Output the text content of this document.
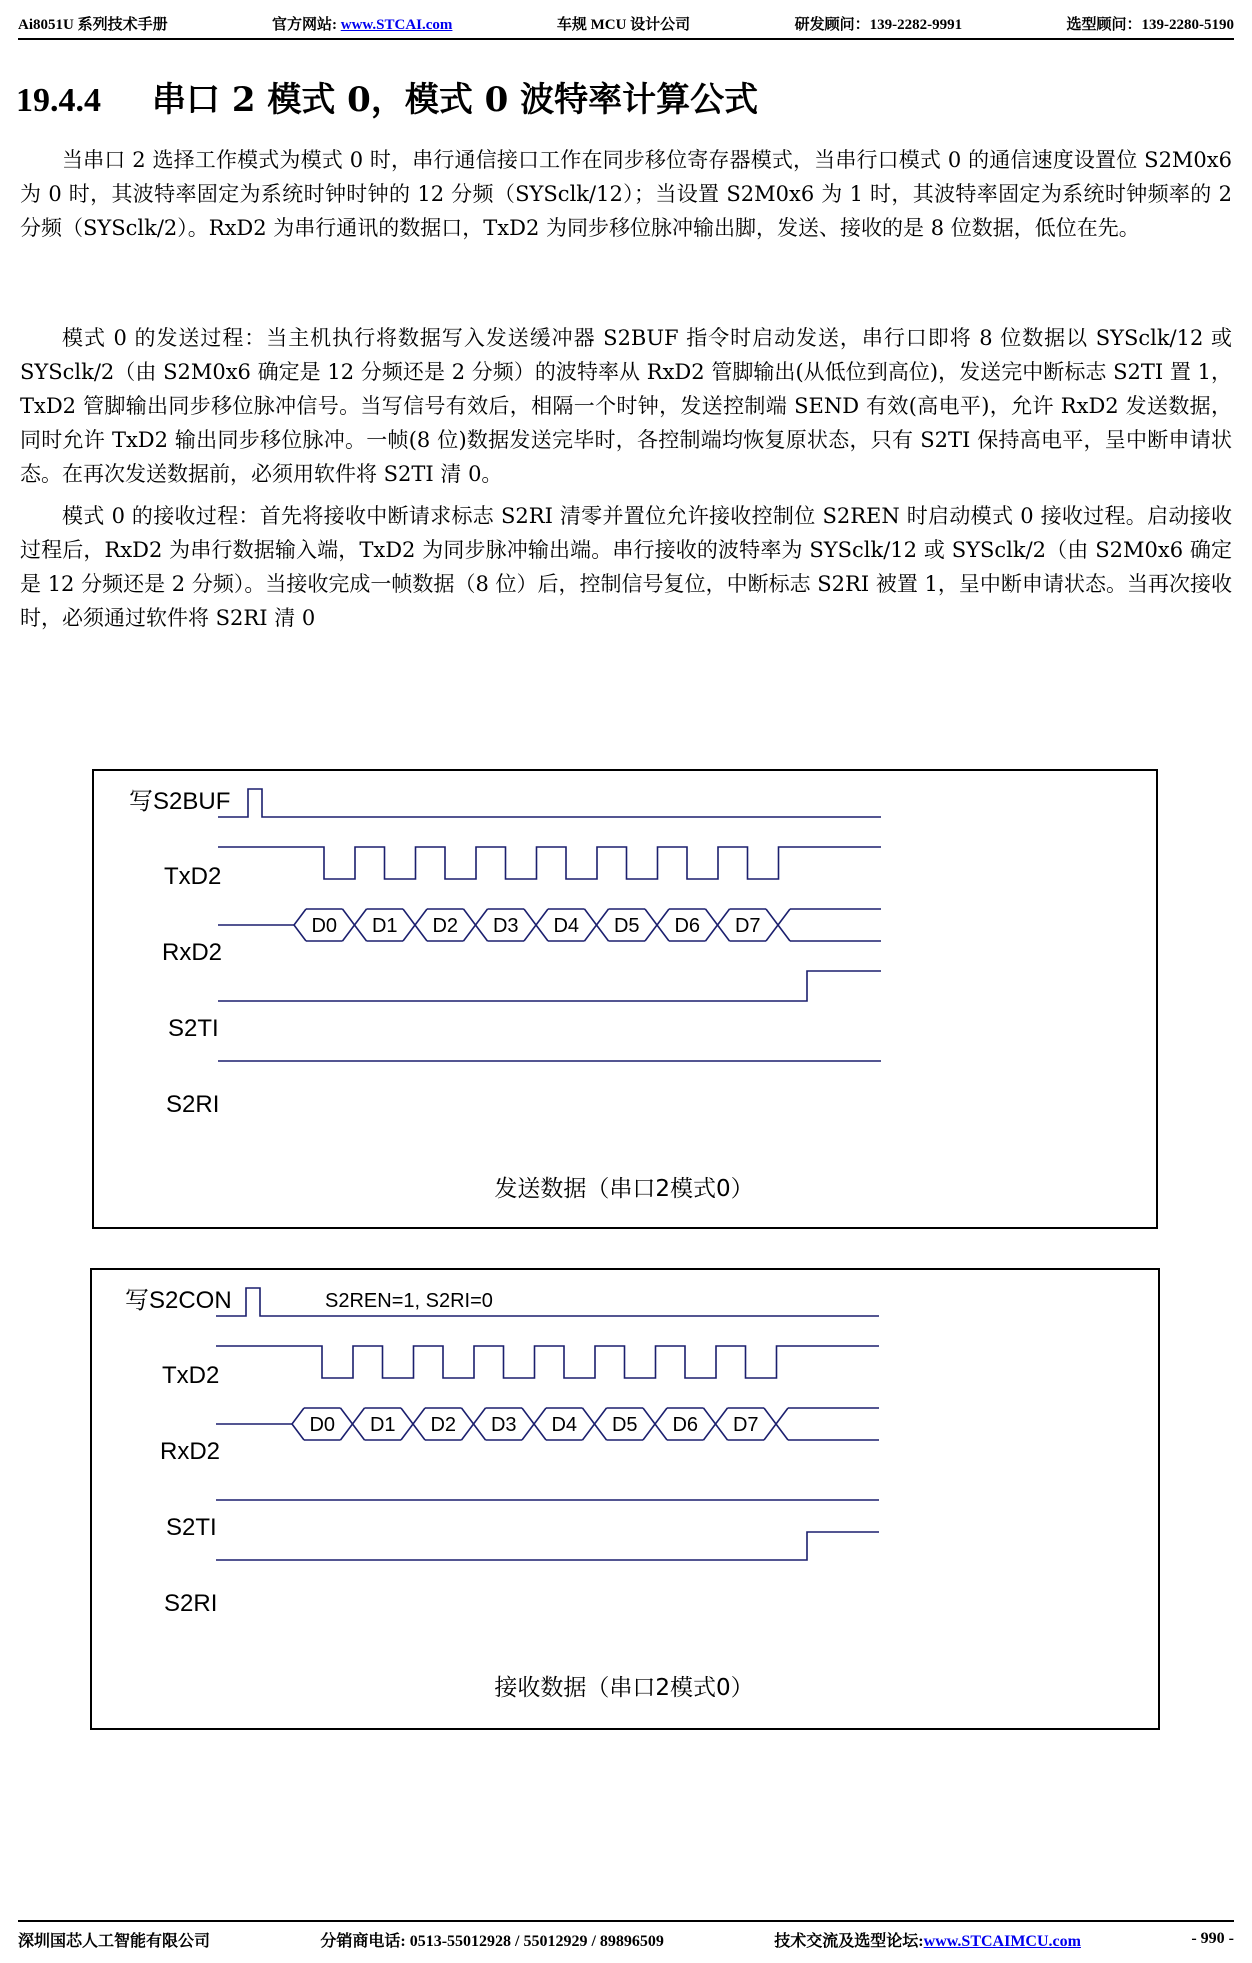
Ai8051U 系列技术手册	官方网站: www.STCAI.com	车规 MCU 设计公司	研发顾问：139-2282-9991	选型顾问：139-2280-5190
19.4.4 串口 2 模式 0，模式 0 波特率计算公式
当串口 2 选择工作模式为模式 0 时，串行通信接口工作在同步移位寄存器模式，当串行口模式 0 的通信速度设置位 S2M0x6 为 0 时，其波特率固定为系统时钟时钟的 12 分频（SYSclk/12）；当设置 S2M0x6 为 1 时，其波特率固定为系统时钟频率的 2 分频（SYSclk/2）。RxD2 为串行通讯的数据口，TxD2 为同步移位脉冲输出脚，发送、接收的是 8 位数据，低位在先。
模式 0 的发送过程：当主机执行将数据写入发送缓冲器 S2BUF 指令时启动发送，串行口即将 8 位数据以 SYSclk/12 或 SYSclk/2（由 S2M0x6 确定是 12 分频还是 2 分频）的波特率从 RxD2 管脚输出(从低位到高位)，发送完中断标志 S2TI 置 1，TxD2 管脚输出同步移位脉冲信号。当写信号有效后，相隔一个时钟，发送控制端 SEND 有效(高电平)，允许 RxD2 发送数据，同时允许 TxD2 输出同步移位脉冲。一帧(8 位)数据发送完毕时，各控制端均恢复原状态，只有 S2TI 保持高电平，呈中断申请状态。在再次发送数据前，必须用软件将 S2TI 清 0。
模式 0 的接收过程：首先将接收中断请求标志 S2RI 清零并置位允许接收控制位 S2REN 时启动模式 0 接收过程。启动接收过程后，RxD2 为串行数据输入端，TxD2 为同步脉冲输出端。串行接收的波特率为 SYSclk/12 或 SYSclk/2（由 S2M0x6 确定是 12 分频还是 2 分频）。当接收完成一帧数据（8 位）后，控制信号复位，中断标志 S2RI 被置 1，呈中断申请状态。当再次接收时，必须通过软件将 S2RI 清 0
写S2BUF
TxD2
RxD2
S2TI
S2RI
D0 D1 D2 D3 D4 D5 D6 D7
发送数据（串口2模式0）
写S2CON
TxD2
RxD2
S2TI
S2RI
S2REN=1, S2RI=0
D0 D1 D2 D3 D4 D5 D6 D7
接收数据（串口2模式0）
深圳国芯人工智能有限公司	分销商电话: 0513-55012928 / 55012929 / 89896509	技术交流及选型论坛:www.STCAIMCU.com	- 990 -
